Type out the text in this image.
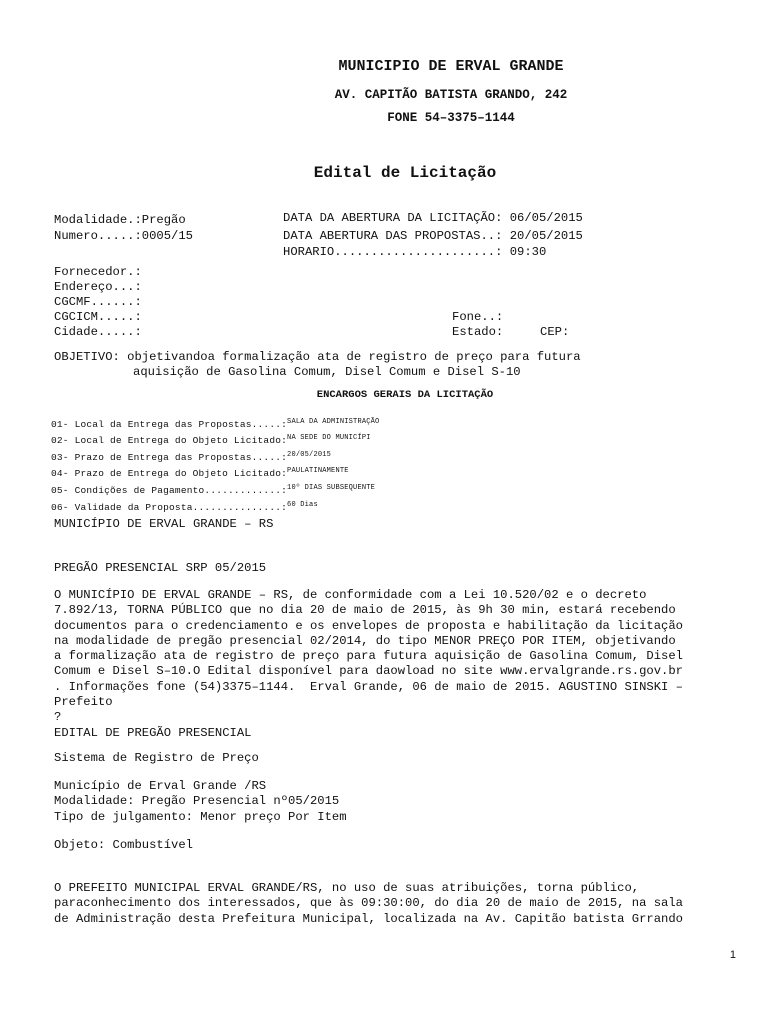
MUNICIPIO DE ERVAL GRANDE
AV. CAPITÃO BATISTA GRANDO, 242
FONE 54–3375–1144
Edital de Licitação
Modalidade.:Pregão
Numero.....:0005/15
DATA DA ABERTURA DA LICITAÇÃO: 06/05/2015
DATA ABERTURA DAS PROPOSTAS..: 20/05/2015
HORARIO......................: 09:30
Fornecedor.:
Endereço...:
CGCMF......:
CGCICM.....:
Cidade.....:
Fone..:
Estado:	CEP:
OBJETIVO: objetivandoa formalização ata de registro de preço para futura
aquisição de Gasolina Comum, Disel Comum e Disel S-10
ENCARGOS GERAIS DA LICITAÇÃO
01- Local da Entrega das Propostas.....:$^{SALA DA ADMINISTRAÇÃO}$
02- Local de Entrega do Objeto Licitado:$^{NA SEDE DO MUNICÍPI}$
03- Prazo de Entrega das Propostas.....:$^{20/05/2015}$
04- Prazo de Entrega do Objeto Licitado:$^{PAULATINAMENTE}$
05- Condições de Pagamento.............:$^{10º DIAS SUBSEQUENTE}$
06- Validade da Proposta...............:$^{60 Dias}$
MUNICÍPIO DE ERVAL GRANDE – RS
PREGÃO PRESENCIAL SRP 05/2015
O MUNICÍPIO DE ERVAL GRANDE – RS, de conformidade com a Lei 10.520/02 e o decreto
7.892/13, TORNA PÚBLICO que no dia 20 de maio de 2015, às 9h 30 min, estará recebendo
documentos para o credenciamento e os envelopes de proposta e habilitação da licitação
na modalidade de pregão presencial 02/2014, do tipo MENOR PREÇO POR ITEM, objetivando
a formalização ata de registro de preço para futura aquisição de Gasolina Comum, Disel
Comum e Disel S–10.O Edital disponível para daowload no site www.ervalgrande.rs.gov.br
. Informações fone (54)3375–1144.  Erval Grande, 06 de maio de 2015. AGUSTINO SINSKI –
Prefeito
?
EDITAL DE PREGÃO PRESENCIAL
Sistema de Registro de Preço
Município de Erval Grande /RS
Modalidade: Pregão Presencial nº05/2015
Tipo de julgamento: Menor preço Por Item
Objeto: Combustível
O PREFEITO MUNICIPAL ERVAL GRANDE/RS, no uso de suas atribuições, torna público,
paraconhecimento dos interessados, que às 09:30:00, do dia 20 de maio de 2015, na sala
de Administração desta Prefeitura Municipal, localizada na Av. Capitão batista Grrando
1
